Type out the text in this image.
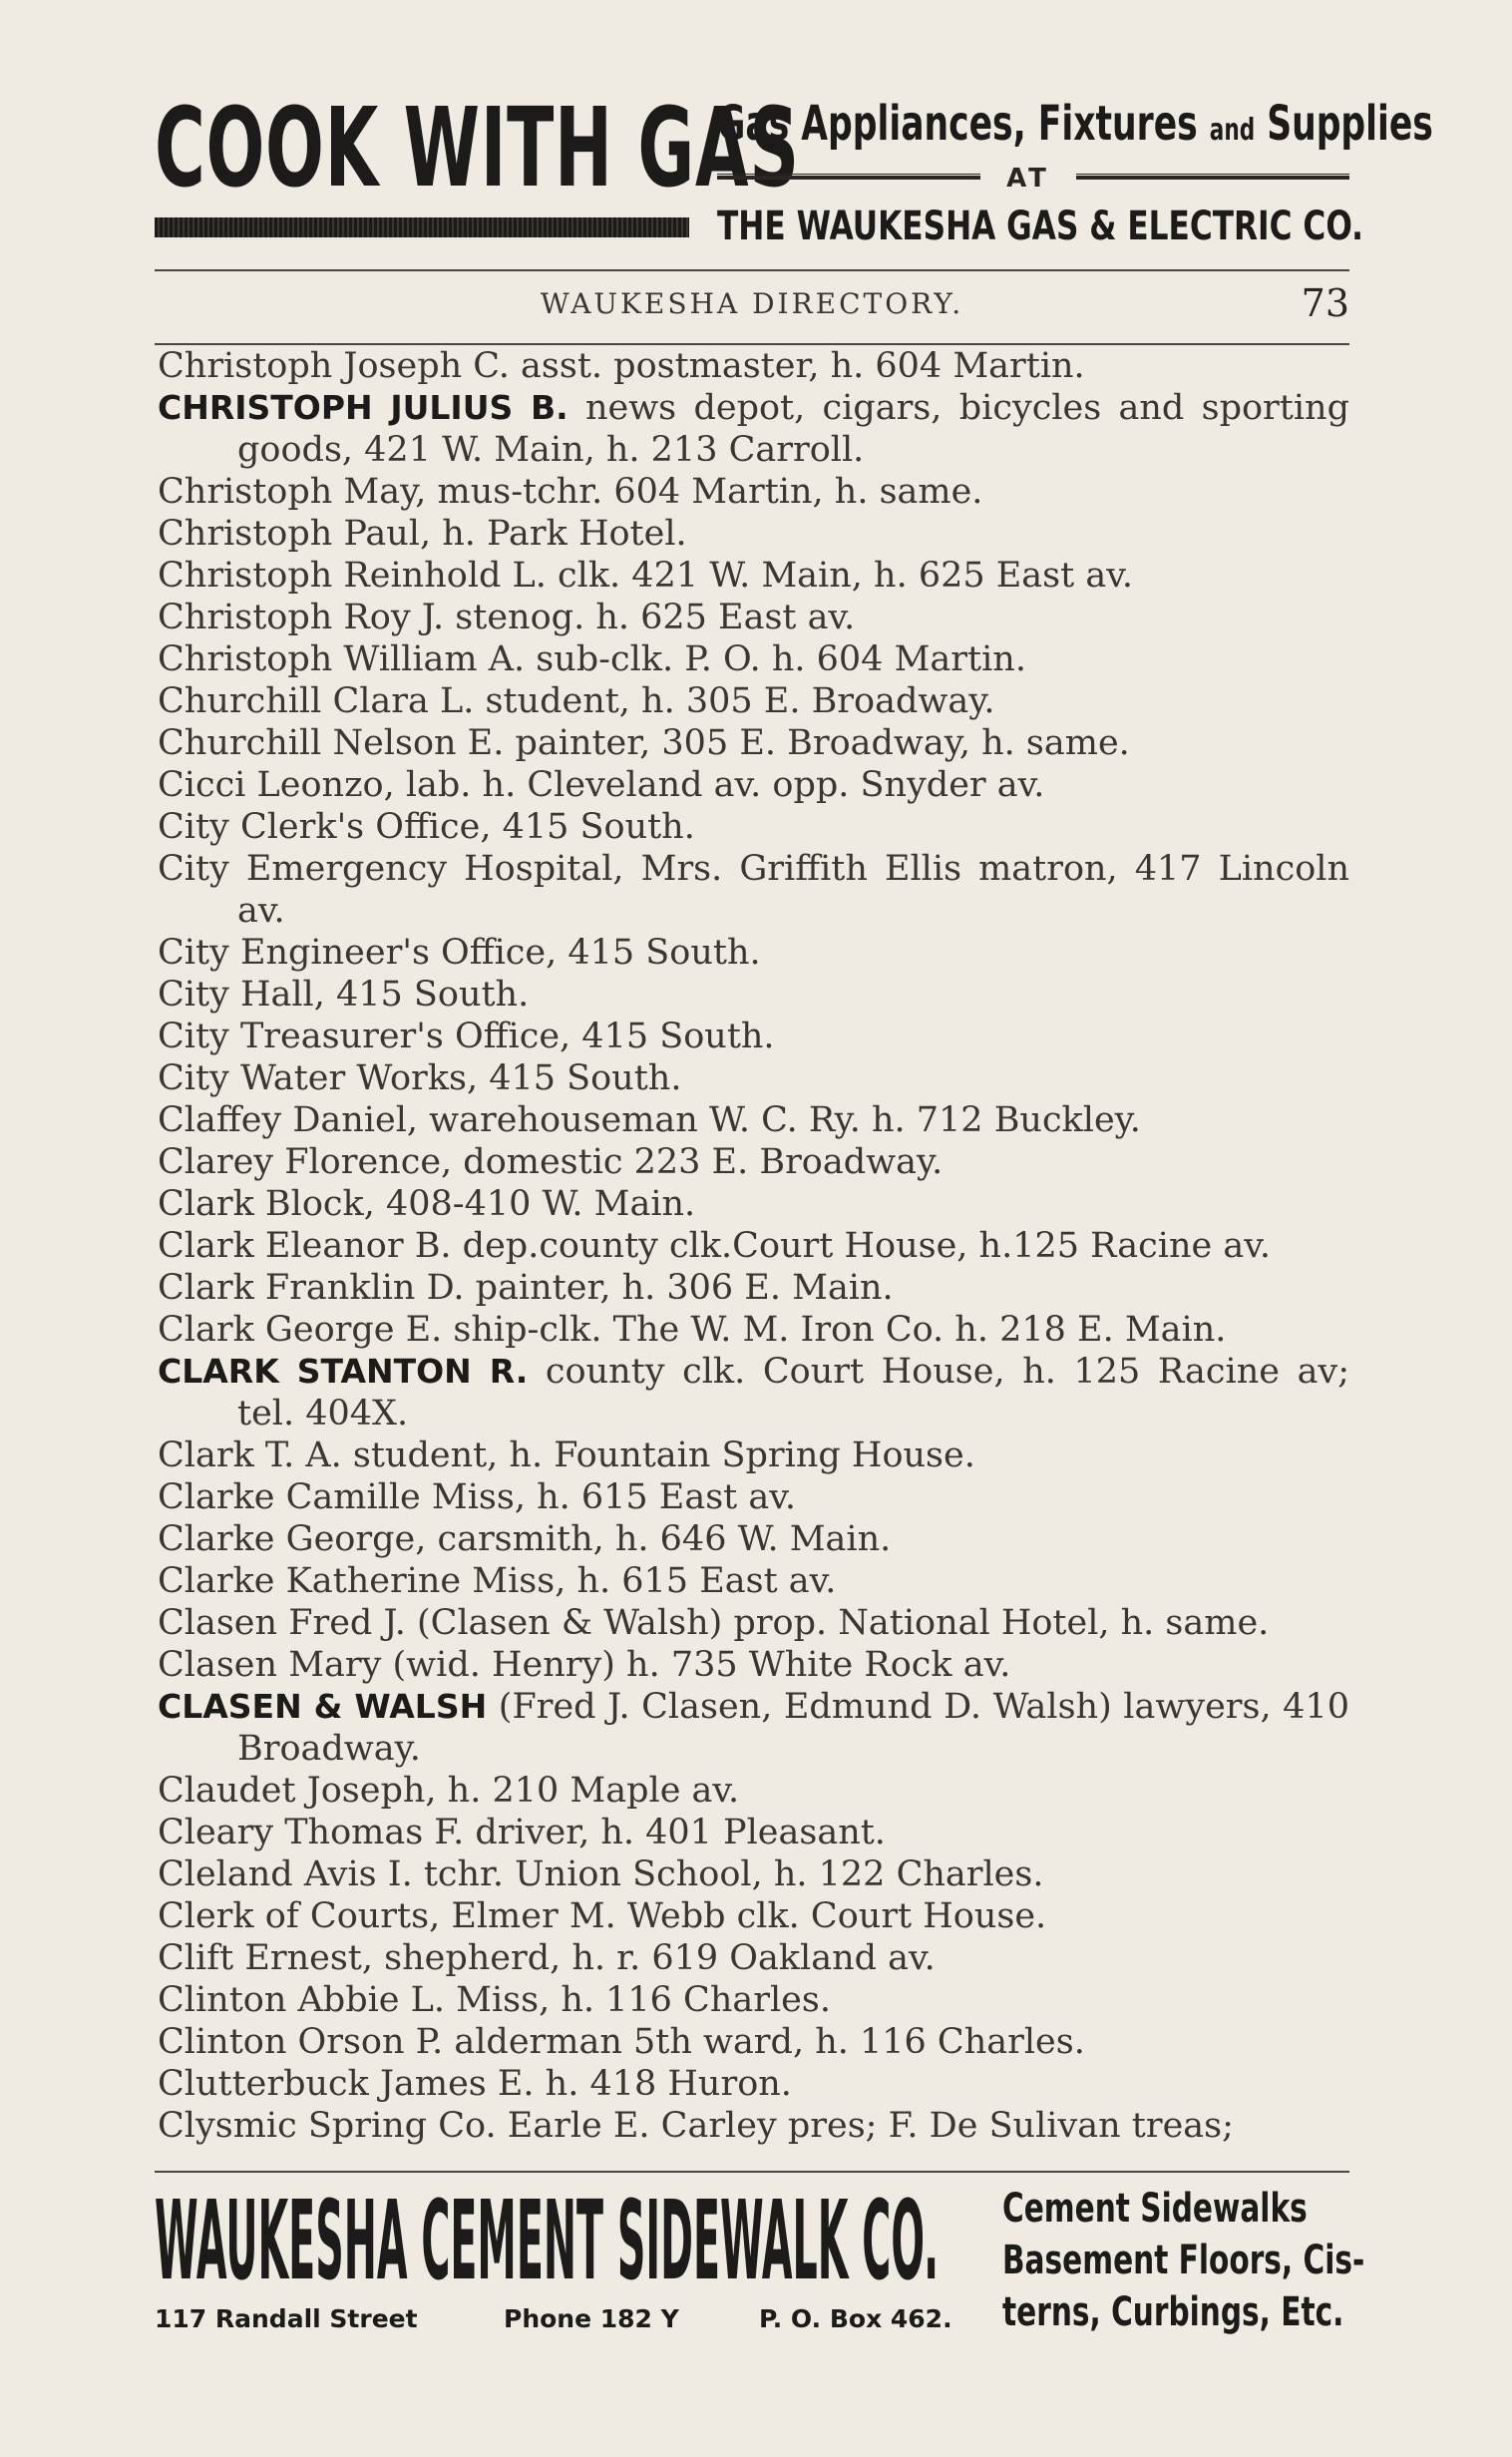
COOK WITH GAS
Gas Appliances, Fixtures and Supplies
AT
THE WAUKESHA GAS & ELECTRIC CO.
WAUKESHA DIRECTORY.	73
Christoph Joseph C. asst. postmaster, h. 604 Martin.
CHRISTOPH JULIUS B. news depot, cigars, bicycles and sporting goods, 421 W. Main, h. 213 Carroll.
Christoph May, mus-tchr. 604 Martin, h. same.
Christoph Paul, h. Park Hotel.
Christoph Reinhold L. clk. 421 W. Main, h. 625 East av.
Christoph Roy J. stenog. h. 625 East av.
Christoph William A. sub-clk. P. O. h. 604 Martin.
Churchill Clara L. student, h. 305 E. Broadway.
Churchill Nelson E. painter, 305 E. Broadway, h. same.
Cicci Leonzo, lab. h. Cleveland av. opp. Snyder av.
City Clerk's Office, 415 South.
City Emergency Hospital, Mrs. Griffith Ellis matron, 417 Lincoln av.
City Engineer's Office, 415 South.
City Hall, 415 South.
City Treasurer's Office, 415 South.
City Water Works, 415 South.
Claffey Daniel, warehouseman W. C. Ry. h. 712 Buckley.
Clarey Florence, domestic 223 E. Broadway.
Clark Block, 408-410 W. Main.
Clark Eleanor B. dep.county clk.Court House, h.125 Racine av.
Clark Franklin D. painter, h. 306 E. Main.
Clark George E. ship-clk. The W. M. Iron Co. h. 218 E. Main.
CLARK STANTON R. county clk. Court House, h. 125 Racine av; tel. 404X.
Clark T. A. student, h. Fountain Spring House.
Clarke Camille Miss, h. 615 East av.
Clarke George, carsmith, h. 646 W. Main.
Clarke Katherine Miss, h. 615 East av.
Clasen Fred J. (Clasen & Walsh) prop. National Hotel, h. same.
Clasen Mary (wid. Henry) h. 735 White Rock av.
CLASEN & WALSH (Fred J. Clasen, Edmund D. Walsh) lawyers, 410 Broadway.
Claudet Joseph, h. 210 Maple av.
Cleary Thomas F. driver, h. 401 Pleasant.
Cleland Avis I. tchr. Union School, h. 122 Charles.
Clerk of Courts, Elmer M. Webb clk. Court House.
Clift Ernest, shepherd, h. r. 619 Oakland av.
Clinton Abbie L. Miss, h. 116 Charles.
Clinton Orson P. alderman 5th ward, h. 116 Charles.
Clutterbuck James E. h. 418 Huron.
Clysmic Spring Co. Earle E. Carley pres; F. De Sulivan treas;
WAUKESHA CEMENT SIDEWALK CO.
117 Randall Street	Phone 182 Y	P. O. Box 462.
Cement Sidewalks
Basement Floors, Cis-
terns, Curbings, Etc.
